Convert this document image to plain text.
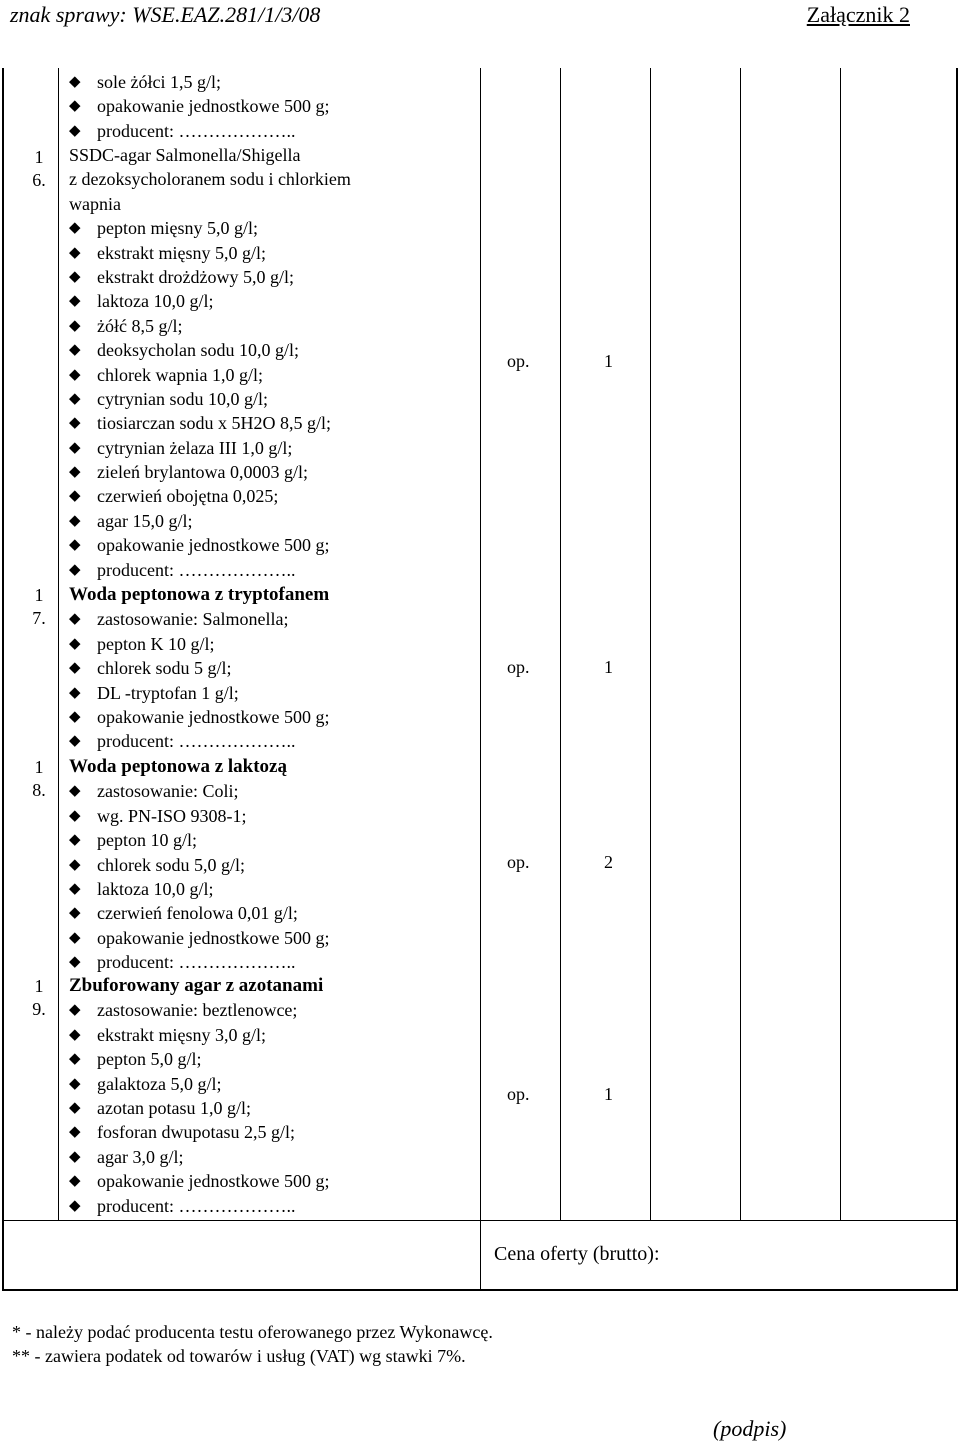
znak sprawy: WSE.EAZ.281/1/3/08	Załącznik 2
◆ sole żółci 1,5 g/l;
◆ opakowanie jednostkowe 500 g;
◆ producent: ………………..
1
6.
SSDC-agar Salmonella/Shigella
z dezoksycholoranem sodu i chlorkiem
wapnia
◆ pepton mięsny 5,0 g/l;
◆ ekstrakt mięsny 5,0 g/l;
◆ ekstrakt drożdżowy 5,0 g/l;
◆ laktoza 10,0 g/l;
◆ żółć 8,5 g/l;
◆ deoksycholan sodu 10,0 g/l;
◆ chlorek wapnia 1,0 g/l;
◆ cytrynian sodu 10,0 g/l;
◆ tiosiarczan sodu x 5H2O 8,5 g/l;
◆ cytrynian żelaza III 1,0 g/l;
◆ zieleń brylantowa 0,0003 g/l;
◆ czerwień obojętna 0,025;
◆ agar 15,0 g/l;
◆ opakowanie jednostkowe 500 g;
◆ producent: ………………..
op.	1
1
7.
Woda peptonowa z tryptofanem
◆ zastosowanie: Salmonella;
◆ pepton K 10 g/l;
◆ chlorek sodu 5 g/l;
◆ DL -tryptofan 1 g/l;
◆ opakowanie jednostkowe 500 g;
◆ producent: ………………..
op.	1
1
8.
Woda peptonowa z laktozą
◆ zastosowanie: Coli;
◆ wg. PN-ISO 9308-1;
◆ pepton 10 g/l;
◆ chlorek sodu 5,0 g/l;
◆ laktoza 10,0 g/l;
◆ czerwień fenolowa 0,01 g/l;
◆ opakowanie jednostkowe 500 g;
◆ producent: ………………..
op.	2
1
9.
Zbuforowany agar z azotanami
◆ zastosowanie: beztlenowce;
◆ ekstrakt mięsny 3,0 g/l;
◆ pepton 5,0 g/l;
◆ galaktoza 5,0 g/l;
◆ azotan potasu 1,0 g/l;
◆ fosforan dwupotasu 2,5 g/l;
◆ agar 3,0 g/l;
◆ opakowanie jednostkowe 500 g;
◆ producent: ………………..
op.	1
Cena oferty (brutto):
* - należy podać producenta testu oferowanego przez Wykonawcę.
** - zawiera podatek od towarów i usług (VAT) wg stawki 7%.
(podpis)
